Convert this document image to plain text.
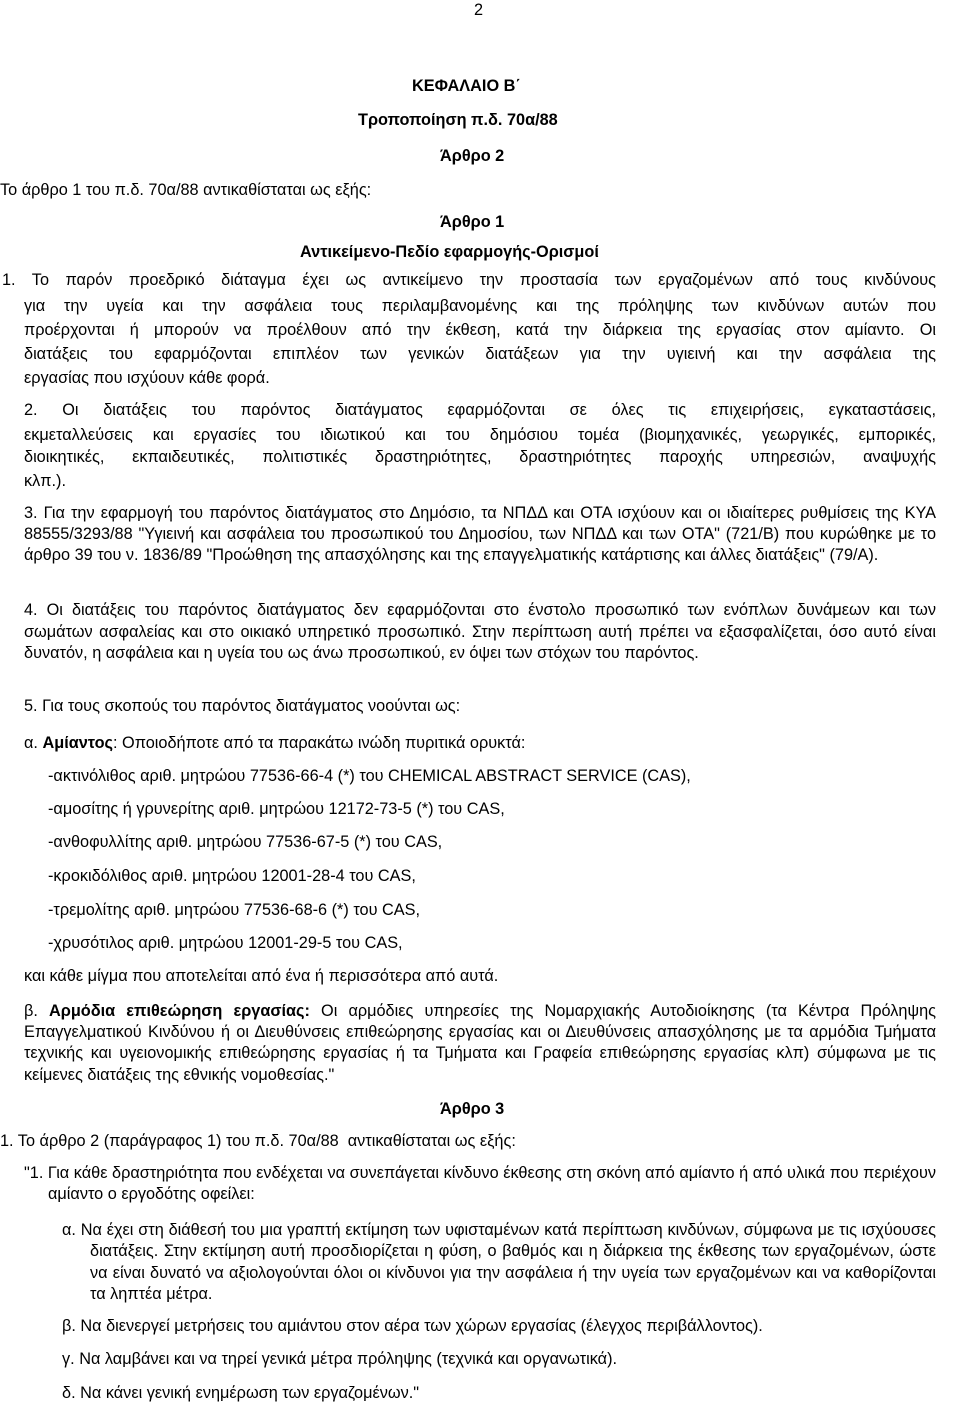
2
ΚΕΦΑΛΑΙΟ Β΄
Τροποποίηση π.δ. 70α/88
Άρθρο 2
Το άρθρο 1 του π.δ. 70α/88 αντικαθίσταται ως εξής:
Άρθρο 1
Αντικείμενο-Πεδίο εφαρμογής-Ορισμοί
1. Το παρόν προεδρικό διάταγμα έχει ως αντικείμενο την προστασία των εργαζομένων από τους κινδύνους
για την υγεία και την ασφάλεια τους περιλαμβανομένης και της πρόληψης των κινδύνων αυτών που
προέρχονται ή μπορούν να προέλθουν από την έκθεση, κατά την διάρκεια της εργασίας στον αμίαντο. Οι
διατάξεις του εφαρμόζονται επιπλέον των γενικών διατάξεων για την υγιεινή και την ασφάλεια της
εργασίας που ισχύουν κάθε φορά.
2. Οι διατάξεις του παρόντος διατάγματος εφαρμόζονται σε όλες τις επιχειρήσεις, εγκαταστάσεις,
εκμεταλλεύσεις και εργασίες του ιδιωτικού και του δημόσιου τομέα (βιομηχανικές, γεωργικές, εμπορικές,
διοικητικές, εκπαιδευτικές, πολιτιστικές δραστηριότητες, δραστηριότητες παροχής υπηρεσιών, αναψυχής
κλπ.).
3. Για την εφαρμογή του παρόντος διατάγματος στο Δημόσιο, τα ΝΠΔΔ και ΟΤΑ ισχύουν και οι ιδιαίτερες ρυθμίσεις της ΚΥΑ 88555/3293/88 "Υγιεινή και ασφάλεια του προσωπικού του Δημοσίου, των ΝΠΔΔ και των ΟΤΑ" (721/Β) που κυρώθηκε με το άρθρο 39 του ν. 1836/89 "Προώθηση της απασχόλησης και της επαγγελματικής κατάρτισης και άλλες διατάξεις" (79/Α).
4. Οι διατάξεις του παρόντος διατάγματος δεν εφαρμόζονται στο ένστολο προσωπικό των ενόπλων δυνάμεων και των σωμάτων ασφαλείας και στο οικιακό υπηρετικό προσωπικό. Στην περίπτωση αυτή πρέπει να εξασφαλίζεται, όσο αυτό είναι δυνατόν, η ασφάλεια και η υγεία του ως άνω προσωπικού, εν όψει των στόχων του παρόντος.
5. Για τους σκοπούς του παρόντος διατάγματος νοούνται ως:
α. Αμίαντος: Οποιοδήποτε από τα παρακάτω ινώδη πυριτικά ορυκτά:
-ακτινόλιθος αριθ. μητρώου 77536-66-4 (*) του CHEMICAL ABSTRACT SERVICE (CAS),
-αμοσίτης ή γρυνερίτης αριθ. μητρώου 12172-73-5 (*) του CAS,
-ανθοφυλλίτης αριθ. μητρώου 77536-67-5 (*) του CAS,
-κροκιδόλιθος αριθ. μητρώου 12001-28-4 του CAS,
-τρεμολίτης αριθ. μητρώου 77536-68-6 (*) του CAS,
-χρυσότιλος αριθ. μητρώου 12001-29-5 του CAS,
και κάθε μίγμα που αποτελείται από ένα ή περισσότερα από αυτά.
β. Αρμόδια επιθεώρηση εργασίας: Οι αρμόδιες υπηρεσίες της Νομαρχιακής Αυτοδιοίκησης (τα Κέντρα Πρόληψης Επαγγελματικού Κινδύνου ή οι Διευθύνσεις επιθεώρησης εργασίας και οι Διευθύνσεις απασχόλησης με τα αρμόδια Τμήματα τεχνικής και υγειονομικής επιθεώρησης εργασίας ή τα Τμήματα και Γραφεία επιθεώρησης εργασίας κλπ) σύμφωνα με τις κείμενες διατάξεις της εθνικής νομοθεσίας."
Άρθρο 3
1. Το άρθρο 2 (παράγραφος 1) του π.δ. 70α/88  αντικαθίσταται ως εξής:
"1. Για κάθε δραστηριότητα που ενδέχεται να συνεπάγεται κίνδυνο έκθεσης στη σκόνη από αμίαντο ή από υλικά που περιέχουν αμίαντο ο εργοδότης οφείλει:
α. Να έχει στη διάθεσή του μια γραπτή εκτίμηση των υφισταμένων κατά περίπτωση κινδύνων, σύμφωνα με τις ισχύουσες διατάξεις. Στην εκτίμηση αυτή προσδιορίζεται η φύση, ο βαθμός και η διάρκεια της έκθεσης των εργαζομένων, ώστε να είναι δυνατό να αξιολογούνται όλοι οι κίνδυνοι για την ασφάλεια ή την υγεία των εργαζομένων και να καθορίζονται τα ληπτέα μέτρα.
β. Να διενεργεί μετρήσεις του αμιάντου στον αέρα των χώρων εργασίας (έλεγχος περιβάλλοντος).
γ. Να λαμβάνει και να τηρεί γενικά μέτρα πρόληψης (τεχνικά και οργανωτικά).
δ. Να κάνει γενική ενημέρωση των εργαζομένων."
